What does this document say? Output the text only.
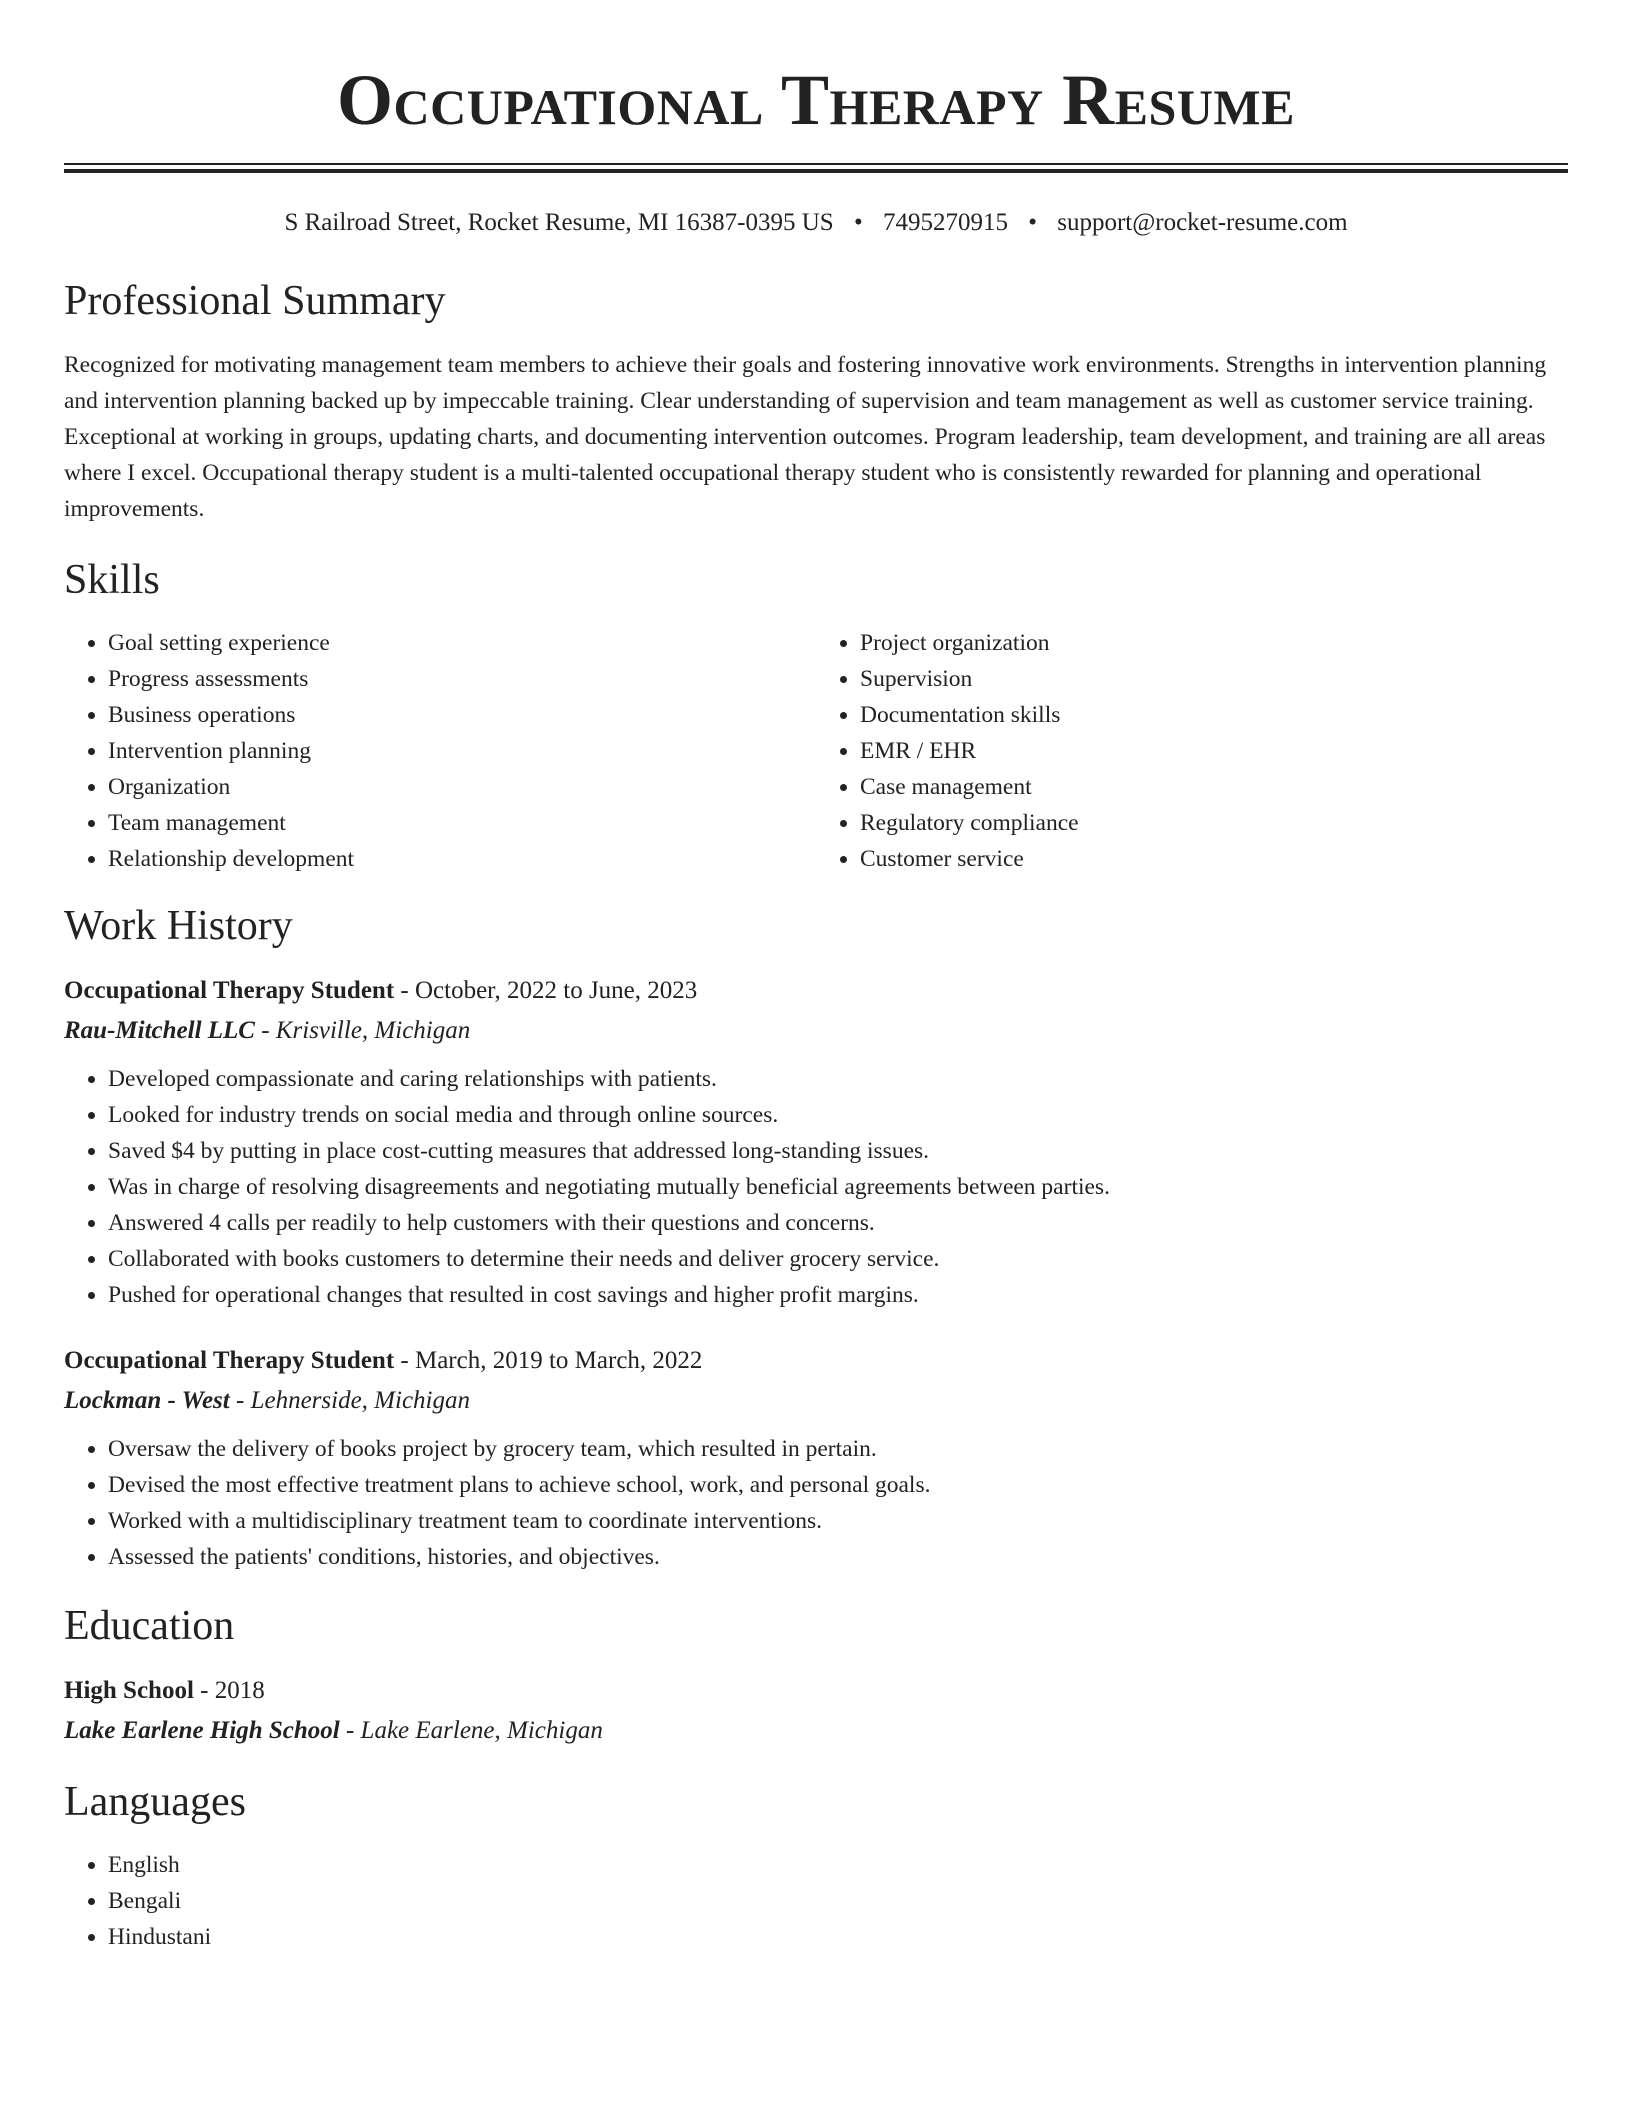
Occupational Therapy Resume
S Railroad Street, Rocket Resume, MI 16387-0395 US • 7495270915 • support@rocket-resume.com
Professional Summary

Recognized for motivating management team members to achieve their goals and fostering innovative work environments. Strengths in intervention planning and intervention planning backed up by impeccable training. Clear understanding of supervision and team management as well as customer service training. Exceptional at working in groups, updating charts, and documenting intervention outcomes. Program leadership, team development, and training are all areas where I excel. Occupational therapy student is a multi-talented occupational therapy student who is consistently rewarded for planning and operational improvements.

Skills
• Goal setting experience
• Progress assessments
• Business operations
• Intervention planning
• Organization
• Team management
• Relationship development
• Project organization
• Supervision
• Documentation skills
• EMR / EHR
• Case management
• Regulatory compliance
• Customer service
Work History
Occupational Therapy Student - October, 2022 to June, 2023
Rau-Mitchell LLC - Krisville, Michigan
• Developed compassionate and caring relationships with patients.
• Looked for industry trends on social media and through online sources.
• Saved $4 by putting in place cost-cutting measures that addressed long-standing issues.
• Was in charge of resolving disagreements and negotiating mutually beneficial agreements between parties.
• Answered 4 calls per readily to help customers with their questions and concerns.
• Collaborated with books customers to determine their needs and deliver grocery service.
• Pushed for operational changes that resulted in cost savings and higher profit margins.
Occupational Therapy Student - March, 2019 to March, 2022
Lockman - West - Lehnerside, Michigan
• Oversaw the delivery of books project by grocery team, which resulted in pertain.
• Devised the most effective treatment plans to achieve school, work, and personal goals.
• Worked with a multidisciplinary treatment team to coordinate interventions.
• Assessed the patients' conditions, histories, and objectives.
Education
High School - 2018
Lake Earlene High School - Lake Earlene, Michigan
Languages
• English
• Bengali
• Hindustani
